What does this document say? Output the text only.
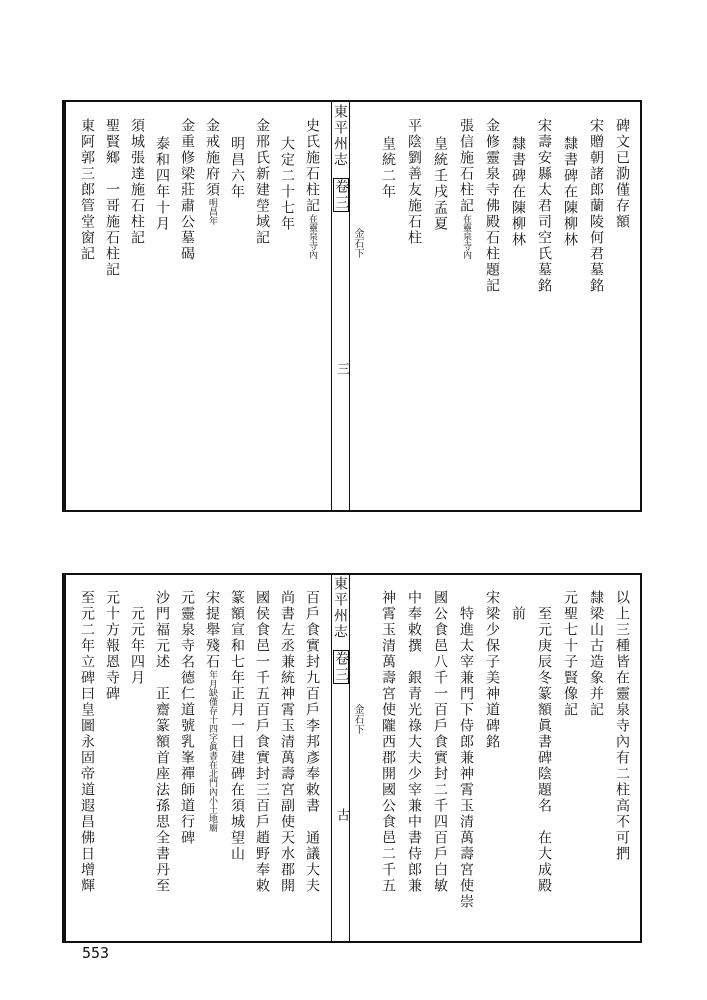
碑文已泐僅存額
宋贈朝諸郎蘭陵何君墓銘
隸書碑在陳柳林
宋壽安縣太君司空氏墓銘
隸書碑在陳柳林
金修靈泉寺佛殿石柱題記
張信施石柱記在靈泉寺內
皇統壬戌孟夏
平陰劉善友施石柱
皇統二年
東平州志
卷三
金石下
三
史氏施石柱記在靈泉寺內
大定二十七年
金邢氏新建塋域記
明昌六年
金戒施府須明昌年
金重修梁莊肅公墓碣
泰和四年十月
須城張達施石柱記
聖賢鄉　一哥施石柱記
東阿郭三郎管堂窗記
以上三種皆在靈泉寺內有二柱高不可捫
隸梁山古造象并記
元聖七十子賢像記
至元庚辰冬篆額眞書碑陰題名　在大成殿
前
宋梁少保子美神道碑銘
特進太宰兼門下侍郎兼神霄玉清萬壽宮使崇
國公食邑八千一百戶食實封二千四百戶白敏
中奉敕撰　銀青光祿大夫少宰兼中書侍郎兼
神霄玉清萬壽宮使隴西郡開國公食邑二千五
東平州志
卷三
金石下
古
百戶食實封九百戶李邦彥奉敕書　通議大夫
尚書左丞兼統神霄玉清萬壽宮副使天水郡開
國侯食邑一千五百戶食實封三百戶趙野奉敕
篆額宣和七年正月一日建碑在須城望山
宋提舉殘石年月缺僅存十四字眞書在北門內小土地廟
元靈泉寺名德仁道號乳峯禪師道行碑
沙門福元述　正齋篆額首座法孫思全書丹至
元元年四月
元十方報恩寺碑
至元二年立碑曰皇圖永固帝道遐昌佛日增輝
553
